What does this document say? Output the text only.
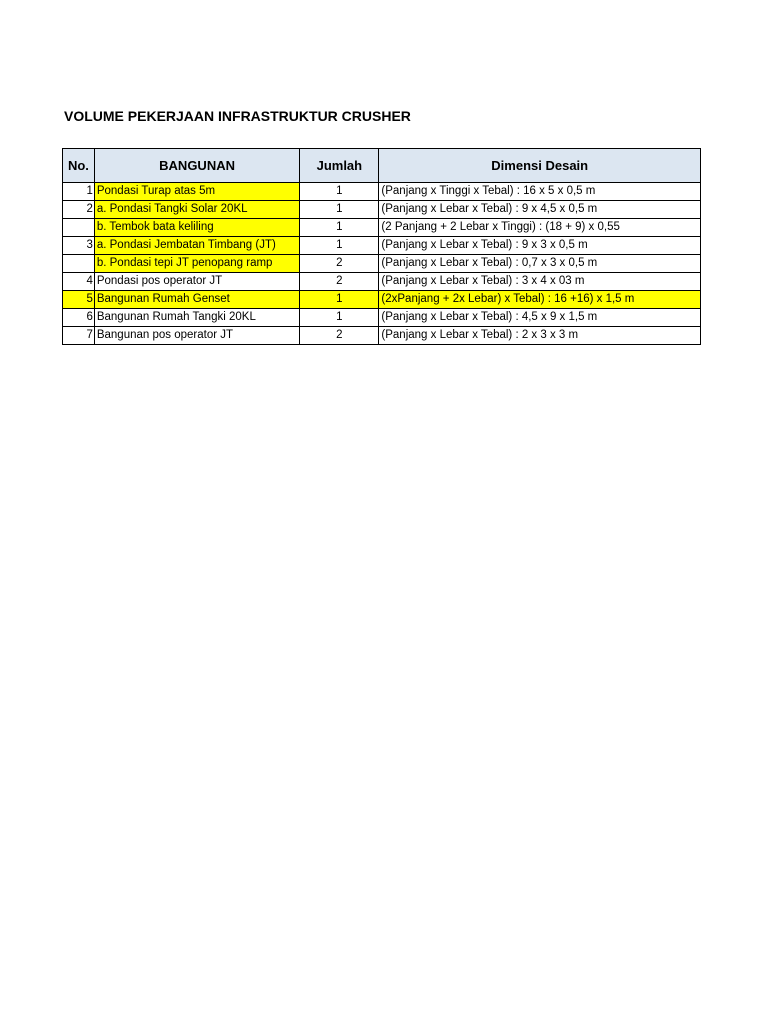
VOLUME PEKERJAAN INFRASTRUKTUR CRUSHER
No.	BANGUNAN	Jumlah	Dimensi Desain
1	Pondasi Turap atas 5m	1	(Panjang x Tinggi x Tebal) : 16 x 5 x 0,5 m
2	a. Pondasi Tangki Solar 20KL	1	(Panjang x Lebar x Tebal) : 9 x 4,5 x 0,5 m
	b. Tembok bata keliling	1	(2 Panjang + 2 Lebar x Tinggi) : (18 + 9) x 0,55
3	a. Pondasi Jembatan Timbang (JT)	1	(Panjang x Lebar x Tebal) : 9 x 3 x 0,5 m
	b. Pondasi tepi JT penopang ramp	2	(Panjang x Lebar x Tebal) : 0,7 x 3 x 0,5 m
4	Pondasi pos operator JT	2	(Panjang x Lebar x Tebal) : 3 x 4 x 03 m
5	Bangunan Rumah Genset	1	(2xPanjang + 2x Lebar) x Tebal) : 16 +16) x 1,5 m
6	Bangunan Rumah Tangki 20KL	1	(Panjang x Lebar x Tebal) : 4,5 x 9 x 1,5 m
7	Bangunan pos operator JT	2	(Panjang x Lebar x Tebal) : 2 x 3 x 3 m
